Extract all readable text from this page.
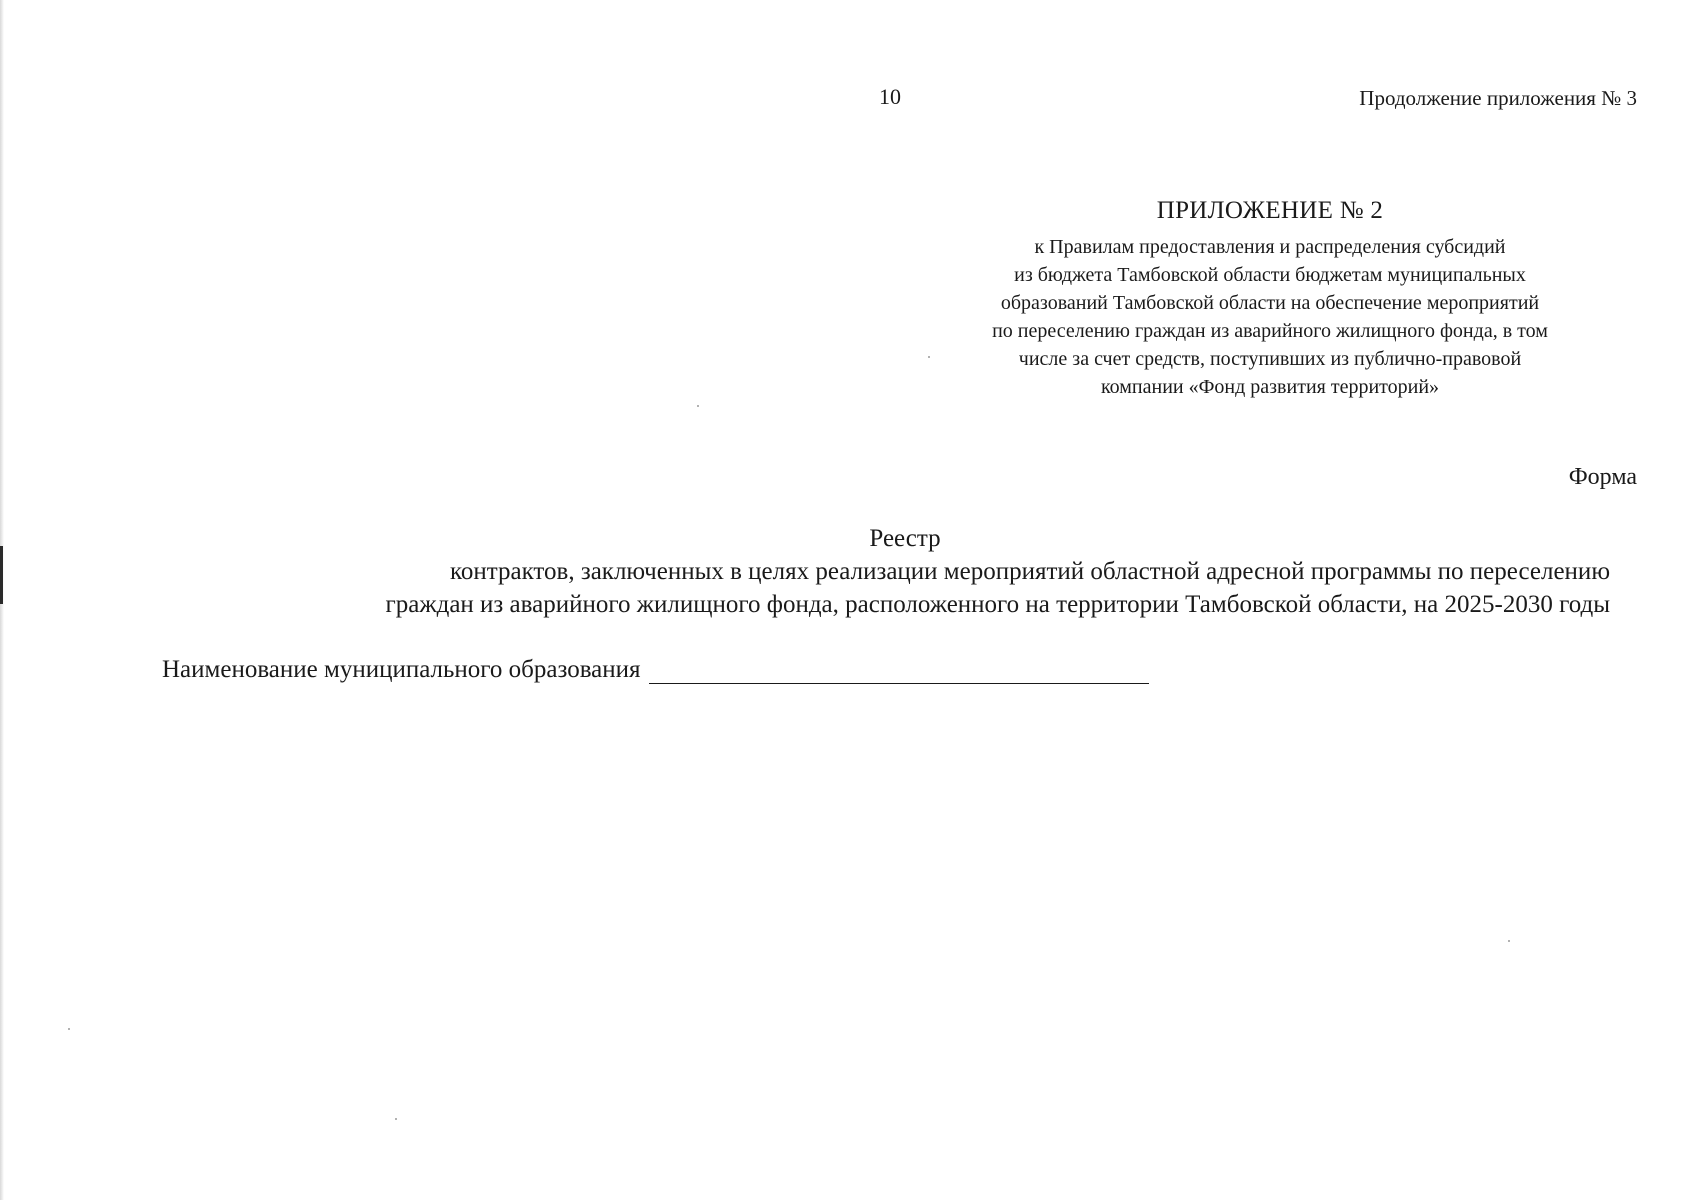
10	Продолжение приложения № 3
ПРИЛОЖЕНИЕ № 2
к Правилам предоставления и распределения субсидий
из бюджета Тамбовской области бюджетам муниципальных
образований Тамбовской области на обеспечение мероприятий
по переселению граждан из аварийного жилищного фонда, в том
числе за счет средств, поступивших из публично-правовой
компании «Фонд развития территорий»
Форма
Реестр
контрактов, заключенных в целях реализации мероприятий областной адресной программы по переселению
граждан из аварийного жилищного фонда, расположенного на территории Тамбовской области, на 2025-2030 годы
Наименование муниципального образования
